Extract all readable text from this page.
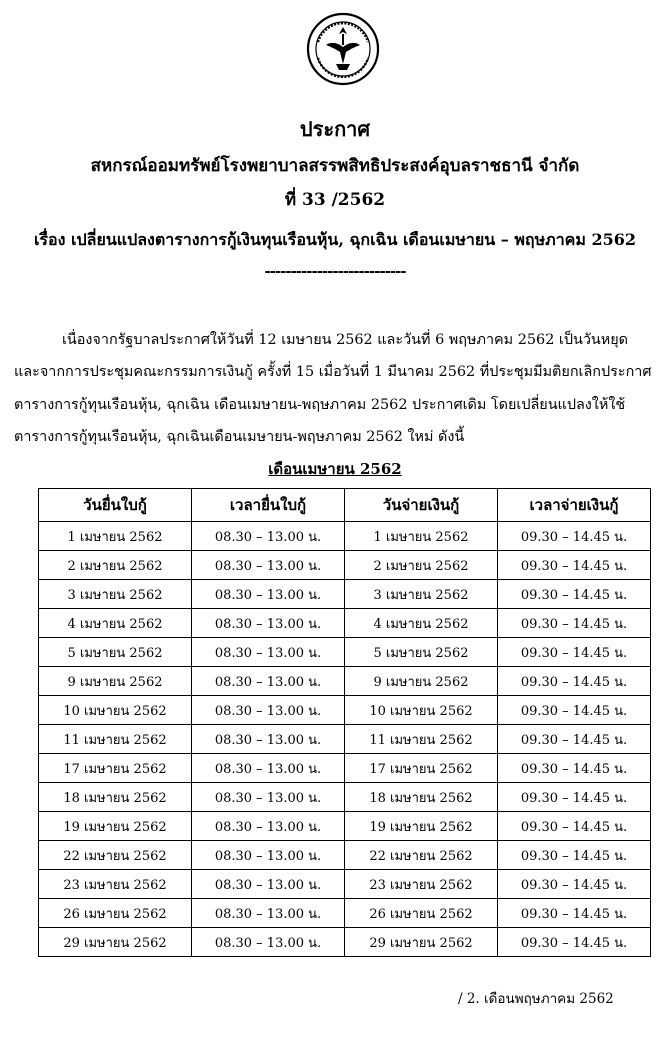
ประกาศ
สหกรณ์ออมทรัพย์โรงพยาบาลสรรพสิทธิประสงค์อุบลราชธานี จำกัด
ที่ 33 /2562
เรื่อง เปลี่ยนแปลงตารางการกู้เงินทุนเรือนหุ้น, ฉุกเฉิน เดือนเมษายน – พฤษภาคม 2562
---------------------------
เนื่องจากรัฐบาลประกาศให้วันที่ 12 เมษายน 2562 และวันที่ 6 พฤษภาคม 2562 เป็นวันหยุด
และจากการประชุมคณะกรรมการเงินกู้ ครั้งที่ 15 เมื่อวันที่ 1 มีนาคม 2562 ที่ประชุมมีมติยกเลิกประกาศ
ตารางการกู้ทุนเรือนหุ้น, ฉุกเฉิน เดือนเมษายน-พฤษภาคม 2562 ประกาศเดิม โดยเปลี่ยนแปลงให้ใช้
ตารางการกู้ทุนเรือนหุ้น, ฉุกเฉินเดือนเมษายน-พฤษภาคม 2562 ใหม่ ดังนี้
เดือนเมษายน 2562
วันยื่นใบกู้	เวลายื่นใบกู้	วันจ่ายเงินกู้	เวลาจ่ายเงินกู้
1 เมษายน 2562	08.30 – 13.00 น.	1 เมษายน 2562	09.30 – 14.45 น.
2 เมษายน 2562	08.30 – 13.00 น.	2 เมษายน 2562	09.30 – 14.45 น.
3 เมษายน 2562	08.30 – 13.00 น.	3 เมษายน 2562	09.30 – 14.45 น.
4 เมษายน 2562	08.30 – 13.00 น.	4 เมษายน 2562	09.30 – 14.45 น.
5 เมษายน 2562	08.30 – 13.00 น.	5 เมษายน 2562	09.30 – 14.45 น.
9 เมษายน 2562	08.30 – 13.00 น.	9 เมษายน 2562	09.30 – 14.45 น.
10 เมษายน 2562	08.30 – 13.00 น.	10 เมษายน 2562	09.30 – 14.45 น.
11 เมษายน 2562	08.30 – 13.00 น.	11 เมษายน 2562	09.30 – 14.45 น.
17 เมษายน 2562	08.30 – 13.00 น.	17 เมษายน 2562	09.30 – 14.45 น.
18 เมษายน 2562	08.30 – 13.00 น.	18 เมษายน 2562	09.30 – 14.45 น.
19 เมษายน 2562	08.30 – 13.00 น.	19 เมษายน 2562	09.30 – 14.45 น.
22 เมษายน 2562	08.30 – 13.00 น.	22 เมษายน 2562	09.30 – 14.45 น.
23 เมษายน 2562	08.30 – 13.00 น.	23 เมษายน 2562	09.30 – 14.45 น.
26 เมษายน 2562	08.30 – 13.00 น.	26 เมษายน 2562	09.30 – 14.45 น.
29 เมษายน 2562	08.30 – 13.00 น.	29 เมษายน 2562	09.30 – 14.45 น.
/ 2. เดือนพฤษภาคม 2562
